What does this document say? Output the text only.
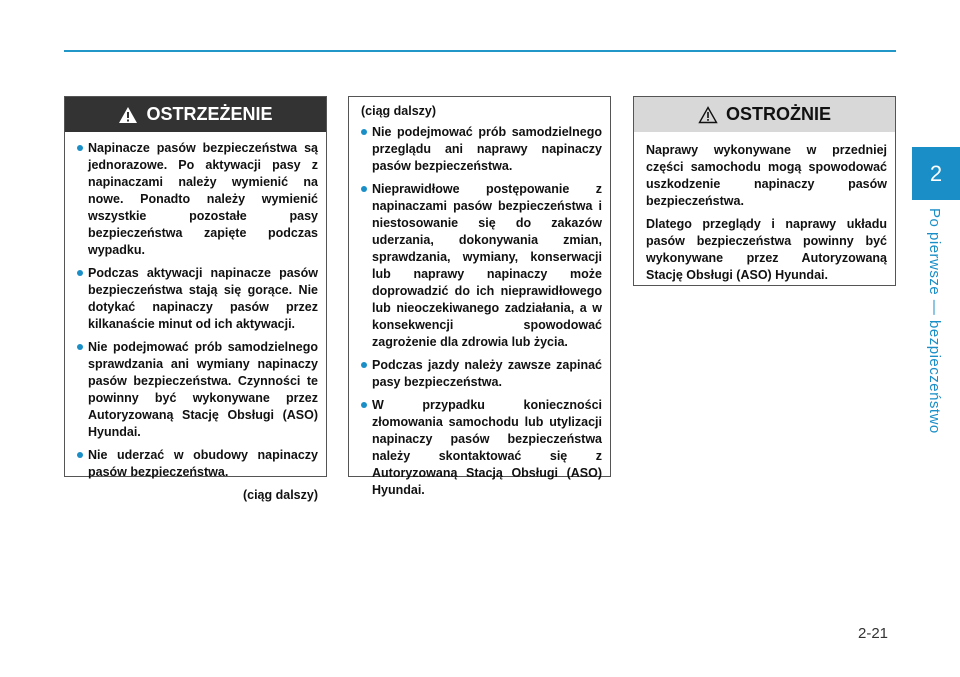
2
Po pierwsze — bezpieczeństwo
2-21
OSTRZEŻENIE
Napinacze pasów bezpieczeństwa są jednorazowe. Po aktywacji pasy z napinaczami należy wymienić na nowe. Ponadto należy wymienić wszystkie pozostałe pasy bezpieczeństwa zapięte podczas wypadku.
Podczas aktywacji napinacze pasów bezpieczeństwa stają się gorące. Nie dotykać napinaczy pasów przez kilkanaście minut od ich aktywacji.
Nie podejmować prób samodzielnego sprawdzania ani wymiany napinaczy pasów bezpieczeństwa. Czynności te powinny być wykonywane przez Autoryzowaną Stację Obsługi (ASO) Hyundai.
Nie uderzać w obudowy napinaczy pasów bezpieczeństwa.
(ciąg dalszy)

(ciąg dalszy)

Nie podejmować prób samodzielnego przeglądu ani naprawy napinaczy pasów bezpieczeństwa.
Nieprawidłowe postępowanie z napinaczami pasów bezpieczeństwa i niestosowanie się do zakazów uderzania, dokonywania zmian, sprawdzania, wymiany, konserwacji lub naprawy napinaczy może doprowadzić do ich nieprawidłowego lub nieoczekiwanego zadziałania, a w konsekwencji spowodować zagrożenie dla zdrowia lub życia.
Podczas jazdy należy zawsze zapinać pasy bezpieczeństwa.
W przypadku konieczności złomowania samochodu lub utylizacji napinaczy pasów bezpieczeństwa należy skontaktować się z Autoryzowaną Stacją Obsługi (ASO) Hyundai.
OSTROŻNIE

Naprawy wykonywane w przedniej części samochodu mogą spowodować uszkodzenie napinaczy pasów bezpieczeństwa.

Dlatego przeglądy i naprawy układu pasów bezpieczeństwa powinny być wykonywane przez Autoryzowaną Stację Obsługi (ASO) Hyundai.
